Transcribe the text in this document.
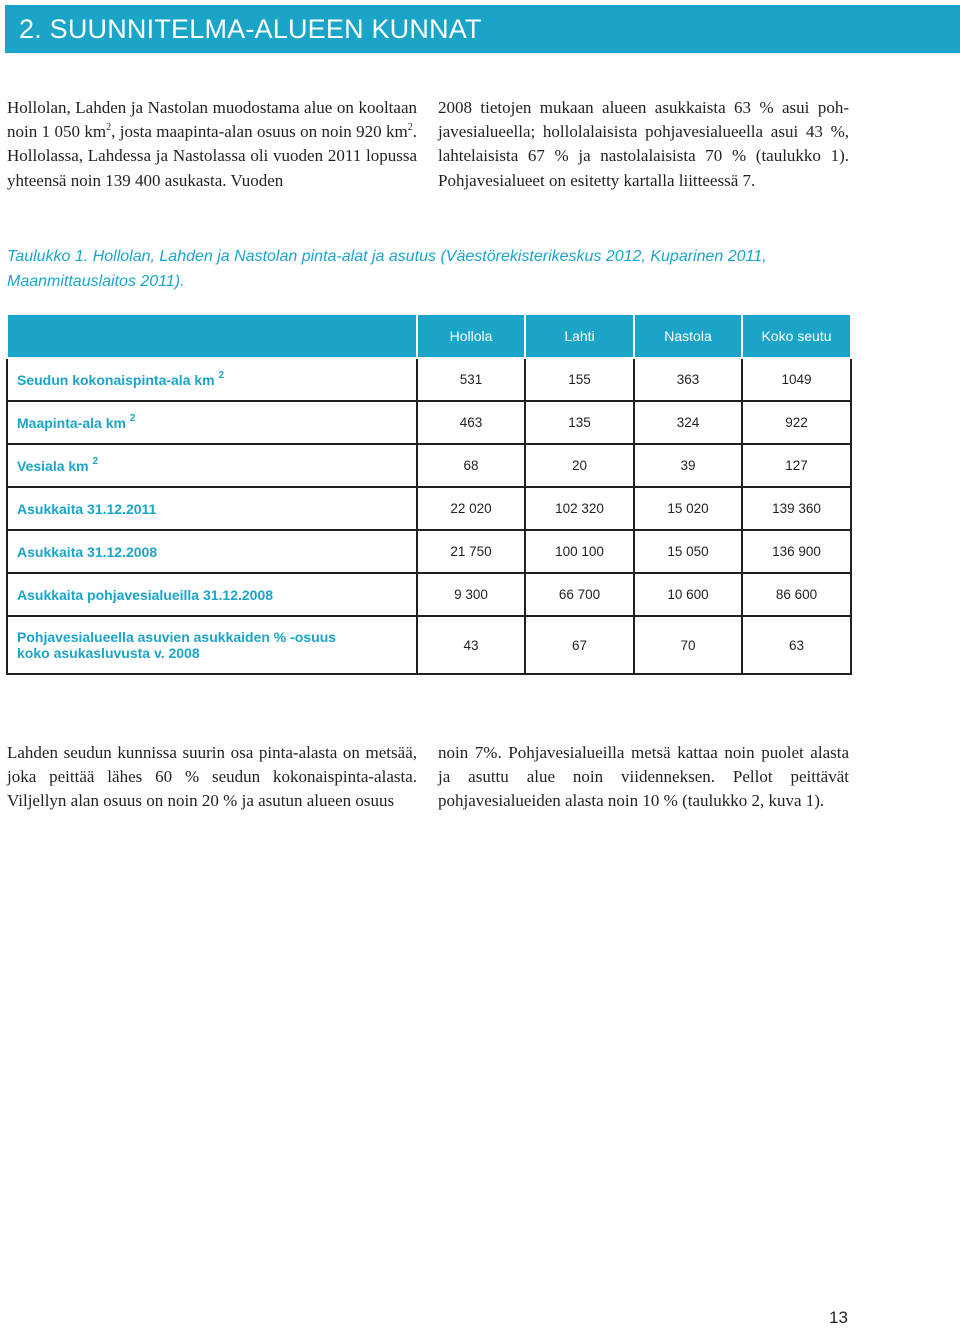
2. SUUNNITELMA-ALUEEN KUNNAT

Hollolan, Lahden ja Nastolan muodostama alue on kooltaan noin 1 050 $km^2$, josta maapinta-alan osuus on noin 920 $km^2$. Hollolassa, Lahdessa ja Nastolassa oli vuoden 2011 lopussa yhteensä noin 139 400 asukasta. Vuoden

2008 tietojen mukaan alueen asukkaista 63 % asui pohjavesialueella; hollolalaisista pohjavesialueella asui 43 %, lahtelaisista 67 % ja nastolalaisista 70 % (taulukko 1). Pohjavesialueet on esitetty kartalla liitteessä 7.

Taulukko 1. Hollolan, Lahden ja Nastolan pinta-alat ja asutus (Väestörekisterikeskus 2012, Kuparinen 2011, Maanmittauslaitos 2011).
	Hollola	Lahti	Nastola	Koko seutu
Seudun kokonaispinta-ala km $^2$	531	155	363	1049
Maapinta-ala km $^2$	463	135	324	922
Vesiala km $^2$	68	20	39	127
Asukkaita 31.12.2011	22 020	102 320	15 020	139 360
Asukkaita 31.12.2008	21 750	100 100	15 050	136 900
Asukkaita pohjavesialueilla 31.12.2008	9 300	66 700	10 600	86 600
Pohjavesialueella asuvien asukkaiden % -osuus
koko asukasluvusta v. 2008	43	67	70	63

Lahden seudun kunnissa suurin osa pinta-alasta on metsää, joka peittää lähes 60 % seudun kokonaispinta-alasta. Viljellyn alan osuus on noin 20 % ja asutun alueen osuus

noin 7%. Pohjavesialueilla metsä kattaa noin puolet alasta ja asuttu alue noin viidenneksen. Pellot peittävät pohjavesialueiden alasta noin 10 % (taulukko 2, kuva 1).

13
